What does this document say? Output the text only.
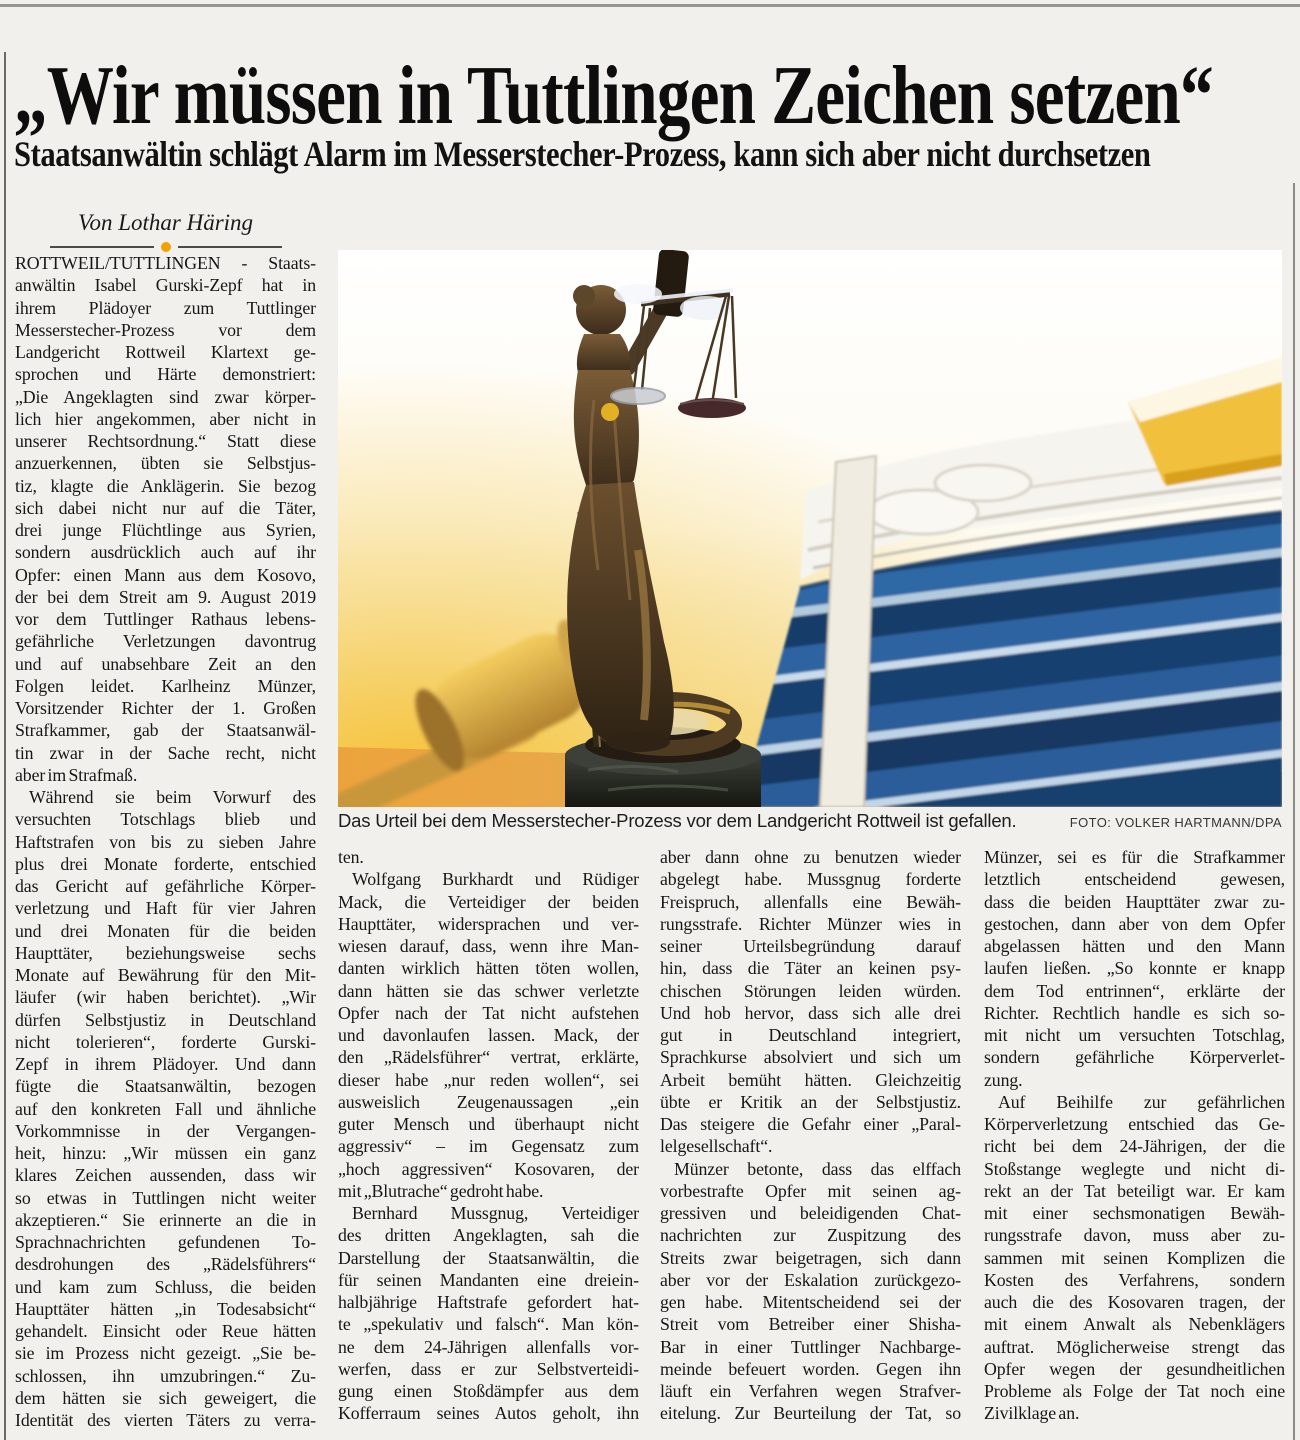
„Wir müssen in Tuttlingen Zeichen setzen“
Staatsanwältin schlägt Alarm im Messerstecher-Prozess, kann sich aber nicht durchsetzen
Von Lothar Häring
ROTTWEIL/TUTTLINGEN - Staats-
anwältin Isabel Gurski-Zepf hat in
ihrem Plädoyer zum Tuttlinger
Messerstecher-Prozess vor dem
Landgericht Rottweil Klartext ge-
sprochen und Härte demonstriert:
„Die Angeklagten sind zwar körper-
lich hier angekommen, aber nicht in
unserer Rechtsordnung.“ Statt diese
anzuerkennen, übten sie Selbstjus-
tiz, klagte die Anklägerin. Sie bezog
sich dabei nicht nur auf die Täter,
drei junge Flüchtlinge aus Syrien,
sondern ausdrücklich auch auf ihr
Opfer: einen Mann aus dem Kosovo,
der bei dem Streit am 9. August 2019
vor dem Tuttlinger Rathaus lebens-
gefährliche Verletzungen davontrug
und auf unabsehbare Zeit an den
Folgen leidet. Karlheinz Münzer,
Vorsitzender Richter der 1. Großen
Strafkammer, gab der Staatsanwäl-
tin zwar in der Sache recht, nicht
aber im Strafmaß.
Während sie beim Vorwurf des
versuchten Totschlags blieb und
Haftstrafen von bis zu sieben Jahre
plus drei Monate forderte, entschied
das Gericht auf gefährliche Körper-
verletzung und Haft für vier Jahren
und drei Monaten für die beiden
Haupttäter, beziehungsweise sechs
Monate auf Bewährung für den Mit-
läufer (wir haben berichtet). „Wir
dürfen Selbstjustiz in Deutschland
nicht tolerieren“, forderte Gurski-
Zepf in ihrem Plädoyer. Und dann
fügte die Staatsanwältin, bezogen
auf den konkreten Fall und ähnliche
Vorkommnisse in der Vergangen-
heit, hinzu: „Wir müssen ein ganz
klares Zeichen aussenden, dass wir
so etwas in Tuttlingen nicht weiter
akzeptieren.“ Sie erinnerte an die in
Sprachnachrichten gefundenen To-
desdrohungen des „Rädelsführers“
und kam zum Schluss, die beiden
Haupttäter hätten „in Todesabsicht“
gehandelt. Einsicht oder Reue hätten
sie im Prozess nicht gezeigt. „Sie be-
schlossen, ihn umzubringen.“ Zu-
dem hätten sie sich geweigert, die
Identität des vierten Täters zu verra-
Das Urteil bei dem Messerstecher-Prozess vor dem Landgericht Rottweil ist gefallen.	FOTO: VOLKER HARTMANN/DPA
ten.
Wolfgang Burkhardt und Rüdiger
Mack, die Verteidiger der beiden
Haupttäter, widersprachen und ver-
wiesen darauf, dass, wenn ihre Man-
danten wirklich hätten töten wollen,
dann hätten sie das schwer verletzte
Opfer nach der Tat nicht aufstehen
und davonlaufen lassen. Mack, der
den „Rädelsführer“ vertrat, erklärte,
dieser habe „nur reden wollen“, sei
ausweislich Zeugenaussagen „ein
guter Mensch und überhaupt nicht
aggressiv“ – im Gegensatz zum
„hoch aggressiven“ Kosovaren, der
mit „Blutrache“ gedroht habe.
Bernhard Mussgnug, Verteidiger
des dritten Angeklagten, sah die
Darstellung der Staatsanwältin, die
für seinen Mandanten eine dreiein-
halbjährige Haftstrafe gefordert hat-
te „spekulativ und falsch“. Man kön-
ne dem 24-Jährigen allenfalls vor-
werfen, dass er zur Selbstverteidi-
gung einen Stoßdämpfer aus dem
Kofferraum seines Autos geholt, ihn
aber dann ohne zu benutzen wieder
abgelegt habe. Mussgnug forderte
Freispruch, allenfalls eine Bewäh-
rungsstrafe. Richter Münzer wies in
seiner Urteilsbegründung darauf
hin, dass die Täter an keinen psy-
chischen Störungen leiden würden.
Und hob hervor, dass sich alle drei
gut in Deutschland integriert,
Sprachkurse absolviert und sich um
Arbeit bemüht hätten. Gleichzeitig
übte er Kritik an der Selbstjustiz.
Das steigere die Gefahr einer „Paral-
lelgesellschaft“.
Münzer betonte, dass das elffach
vorbestrafte Opfer mit seinen ag-
gressiven und beleidigenden Chat-
nachrichten zur Zuspitzung des
Streits zwar beigetragen, sich dann
aber vor der Eskalation zurückgezo-
gen habe. Mitentscheidend sei der
Streit vom Betreiber einer Shisha-
Bar in einer Tuttlinger Nachbarge-
meinde befeuert worden. Gegen ihn
läuft ein Verfahren wegen Strafver-
eitelung. Zur Beurteilung der Tat, so
Münzer, sei es für die Strafkammer
letztlich entscheidend gewesen,
dass die beiden Haupttäter zwar zu-
gestochen, dann aber von dem Opfer
abgelassen hätten und den Mann
laufen ließen. „So konnte er knapp
dem Tod entrinnen“, erklärte der
Richter. Rechtlich handle es sich so-
mit nicht um versuchten Totschlag,
sondern gefährliche Körperverlet-
zung.
Auf Beihilfe zur gefährlichen
Körperverletzung entschied das Ge-
richt bei dem 24-Jährigen, der die
Stoßstange weglegte und nicht di-
rekt an der Tat beteiligt war. Er kam
mit einer sechsmonatigen Bewäh-
rungsstrafe davon, muss aber zu-
sammen mit seinen Komplizen die
Kosten des Verfahrens, sondern
auch die des Kosovaren tragen, der
mit einem Anwalt als Nebenklägers
auftrat. Möglicherweise strengt das
Opfer wegen der gesundheitlichen
Probleme als Folge der Tat noch eine
Zivilklage an.
